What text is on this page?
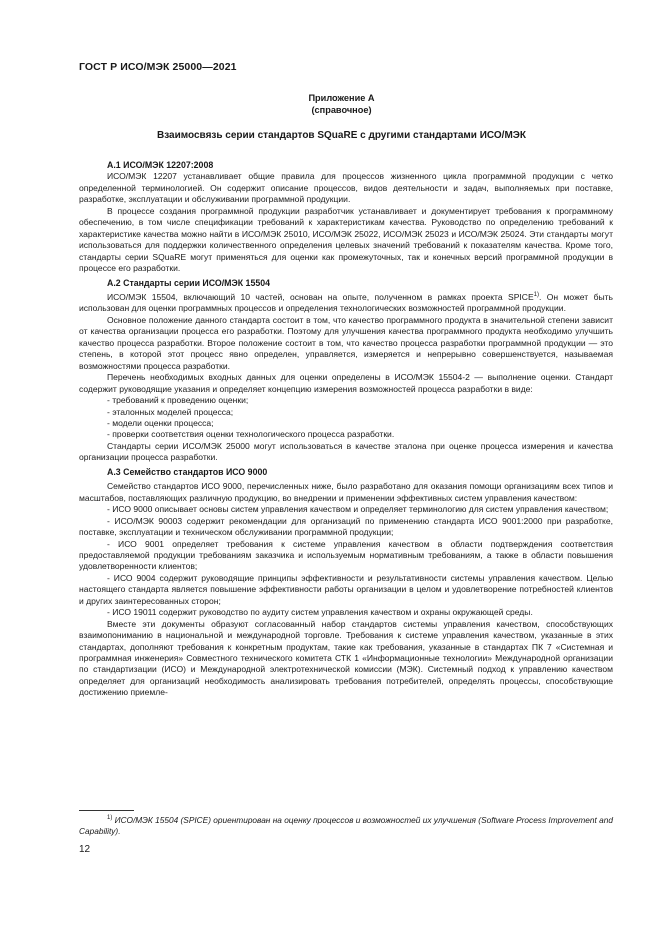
ГОСТ Р ИСО/МЭК 25000—2021
Приложение А
(справочное)
Взаимосвязь серии стандартов SQuaRE с другими стандартами ИСО/МЭК
А.1 ИСО/МЭК 12207:2008

ИСО/МЭК 12207 устанавливает общие правила для процессов жизненного цикла программной продукции с четко определенной терминологией. Он содержит описание процессов, видов деятельности и задач, выполняемых при поставке, разработке, эксплуатации и обслуживании программной продукции.

В процессе создания программной продукции разработчик устанавливает и документирует требования к программному обеспечению, в том числе спецификации требований к характеристикам качества. Руководство по определению требований к характеристике качества можно найти в ИСО/МЭК 25010, ИСО/МЭК 25022, ИСО/МЭК 25023 и ИСО/МЭК 25024. Эти стандарты могут использоваться для поддержки количественного определения целевых значений требований к показателям качества. Кроме того, стандарты серии SQuaRE могут применяться для оценки как промежуточных, так и конечных версий программной продукции в процессе его разработки.

А.2 Стандарты серии ИСО/МЭК 15504

ИСО/МЭК 15504, включающий 10 частей, основан на опыте, полученном в рамках проекта SPICE$^{1)}$. Он может быть использован для оценки программных процессов и определения технологических возможностей программной продукции.

Основное положение данного стандарта состоит в том, что качество программного продукта в значительной степени зависит от качества организации процесса его разработки. Поэтому для улучшения качества программного продукта необходимо улучшить качество процесса разработки. Второе положение состоит в том, что качество процесса разработки программной продукции — это степень, в которой этот процесс явно определен, управляется, измеряется и непрерывно совершенствуется, называемая возможностями процесса разработки.

Перечень необходимых входных данных для оценки определены в ИСО/МЭК 15504-2 — выполнение оценки. Стандарт содержит руководящие указания и определяет концепцию измерения возможностей процесса разработки в виде:

- требований к проведению оценки;

- эталонных моделей процесса;

- модели оценки процесса;

- проверки соответствия оценки технологического процесса разработки.

Стандарты серии ИСО/МЭК 25000 могут использоваться в качестве эталона при оценке процесса измерения и качества организации процесса разработки.

А.3 Семейство стандартов ИСО 9000

Семейство стандартов ИСО 9000, перечисленных ниже, было разработано для оказания помощи организациям всех типов и масштабов, поставляющих различную продукцию, во внедрении и применении эффективных систем управления качеством:

- ИСО 9000 описывает основы систем управления качеством и определяет терминологию для систем управления качеством;

- ИСО/МЭК 90003 содержит рекомендации для организаций по применению стандарта ИСО 9001:2000 при разработке, поставке, эксплуатации и техническом обслуживании программной продукции;

- ИСО 9001 определяет требования к системе управления качеством в области подтверждения соответствия предоставляемой продукции требованиям заказчика и используемым нормативным требованиям, а также в области повышения удовлетворенности клиентов;

- ИСО 9004 содержит руководящие принципы эффективности и результативности системы управления качеством. Целью настоящего стандарта является повышение эффективности работы организации в целом и удовлетворение потребностей клиентов и других заинтересованных сторон;

- ИСО 19011 содержит руководство по аудиту систем управления качеством и охраны окружающей среды.

Вместе эти документы образуют согласованный набор стандартов системы управления качеством, способствующих взаимопониманию в национальной и международной торговле. Требования к системе управления качеством, указанные в этих стандартах, дополняют требования к конкретным продуктам, такие как требования, указанные в стандартах ПК 7 «Системная и программная инженерия» Совместного технического комитета СТК 1 «Информационные технологии» Международной организации по стандартизации (ИСО) и Международной электротехнической комиссии (МЭК). Системный подход к управлению качеством определяет для организаций необходимость анализировать требования потребителей, определять процессы, способствующие достижению приемле-

$^{1)}$ ИСО/МЭК 15504 (SPICE) ориентирован на оценку процессов и возможностей их улучшения (Software Process Improvement and Capability).
12
